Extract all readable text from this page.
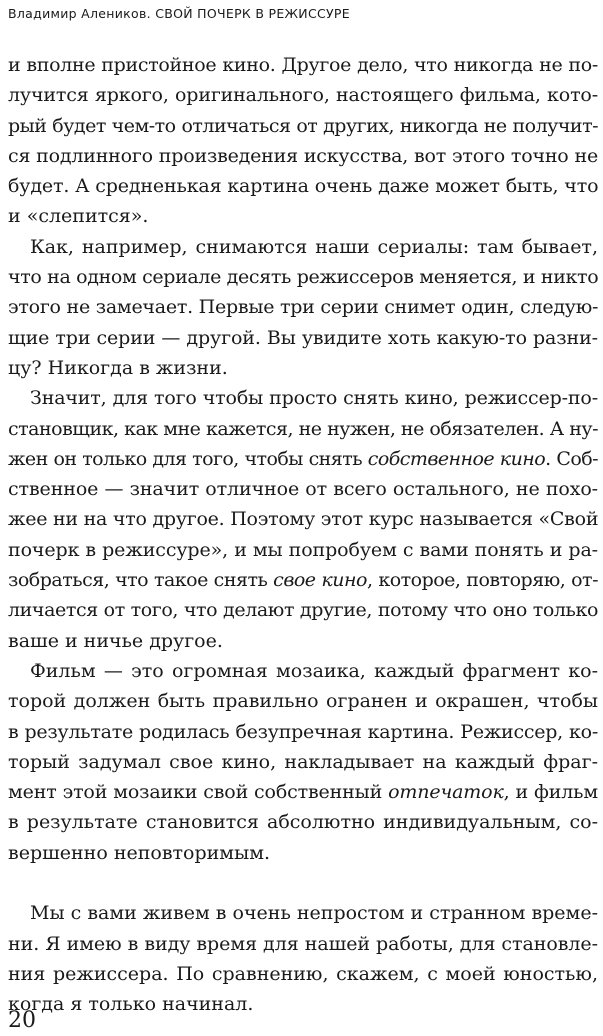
Владимир Алеников. СВОЙ ПОЧЕРК В РЕЖИССУРЕ
и вполне пристойное кино. Другое дело, что никогда не по-
лучится яркого, оригинального, настоящего фильма, кото-
рый будет чем-то отличаться от других, никогда не получит-
ся подлинного произведения искусства, вот этого точно не
будет. А средненькая картина очень даже может быть, что
и «слепится».
Как, например, снимаются наши сериалы: там бывает,
что на одном сериале десять режиссеров меняется, и никто
этого не замечает. Первые три серии снимет один, следую-
щие три серии — другой. Вы увидите хоть какую-то разни-
цу? Никогда в жизни.
Значит, для того чтобы просто снять кино, режиссер-по-
становщик, как мне кажется, не нужен, не обязателен. А ну-
жен он только для того, чтобы снять собственное кино. Соб-
ственное — значит отличное от всего остального, не похо-
жее ни на что другое. Поэтому этот курс называется «Свой
почерк в режиссуре», и мы попробуем с вами понять и ра-
зобраться, что такое снять свое кино, которое, повторяю, от-
личается от того, что делают другие, потому что оно только
ваше и ничье другое.
Фильм — это огромная мозаика, каждый фрагмент ко-
торой должен быть правильно огранен и окрашен, чтобы
в результате родилась безупречная картина. Режиссер, ко-
торый задумал свое кино, накладывает на каждый фраг-
мент этой мозаики свой собственный отпечаток, и фильм
в результате становится абсолютно индивидуальным, со-
вершенно неповторимым.
Мы с вами живем в очень непростом и странном време-
ни. Я имею в виду время для нашей работы, для становле-
ния режиссера. По сравнению, скажем, с моей юностью,
когда я только начинал.
20
